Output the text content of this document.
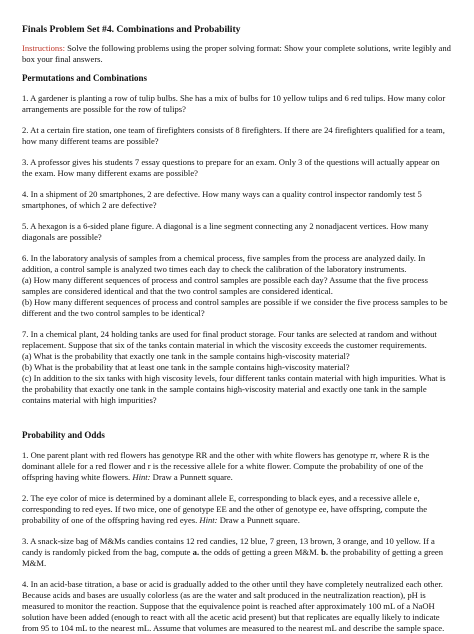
Finals Problem Set #4. Combinations and Probability
Instructions: Solve the following problems using the proper solving format: Show your complete solutions, write legibly and box your final answers.
Permutations and Combinations
1. A gardener is planting a row of tulip bulbs. She has a mix of bulbs for 10 yellow tulips and 6 red tulips. How many color arrangements are possible for the row of tulips?
2. At a certain fire station, one team of firefighters consists of 8 firefighters. If there are 24 firefighters qualified for a team, how many different teams are possible?
3. A professor gives his students 7 essay questions to prepare for an exam. Only 3 of the questions will actually appear on the exam. How many different exams are possible?
4. In a shipment of 20 smartphones, 2 are defective. How many ways can a quality control inspector randomly test 5 smartphones, of which 2 are defective?
5. A hexagon is a 6-sided plane figure. A diagonal is a line segment connecting any 2 nonadjacent vertices. How many diagonals are possible?
6. In the laboratory analysis of samples from a chemical process, five samples from the process are analyzed daily. In addition, a control sample is analyzed two times each day to check the calibration of the laboratory instruments.
(a) How many different sequences of process and control samples are possible each day? Assume that the five process samples are considered identical and that the two control samples are considered identical.
(b) How many different sequences of process and control samples are possible if we consider the five process samples to be different and the two control samples to be identical?
7. In a chemical plant, 24 holding tanks are used for final product storage. Four tanks are selected at random and without replacement. Suppose that six of the tanks contain material in which the viscosity exceeds the customer requirements.
(a) What is the probability that exactly one tank in the sample contains high-viscosity material?
(b) What is the probability that at least one tank in the sample contains high-viscosity material?
(c) In addition to the six tanks with high viscosity levels, four different tanks contain material with high impurities. What is the probability that exactly one tank in the sample contains high-viscosity material and exactly one tank in the sample contains material with high impurities?
Probability and Odds
1. One parent plant with red flowers has genotype RR and the other with white flowers has genotype rr, where R is the dominant allele for a red flower and r is the recessive allele for a white flower. Compute the probability of one of the offspring having white flowers. Hint: Draw a Punnett square.
2. The eye color of mice is determined by a dominant allele E, corresponding to black eyes, and a recessive allele e, corresponding to red eyes. If two mice, one of genotype EE and the other of genotype ee, have offspring, compute the probability of one of the offspring having red eyes. Hint: Draw a Punnett square.
3. A snack-size bag of M&Ms candies contains 12 red candies, 12 blue, 7 green, 13 brown, 3 orange, and 10 yellow. If a candy is randomly picked from the bag, compute a. the odds of getting a green M&M. b. the probability of getting a green M&M.
4. In an acid-base titration, a base or acid is gradually added to the other until they have completely neutralized each other. Because acids and bases are usually colorless (as are the water and salt produced in the neutralization reaction), pH is measured to monitor the reaction. Suppose that the equivalence point is reached after approximately 100 mL of a NaOH solution have been added (enough to react with all the acetic acid present) but that replicates are equally likely to indicate from 95 to 104 mL to the nearest mL. Assume that volumes are measured to the nearest mL and describe the sample space.
